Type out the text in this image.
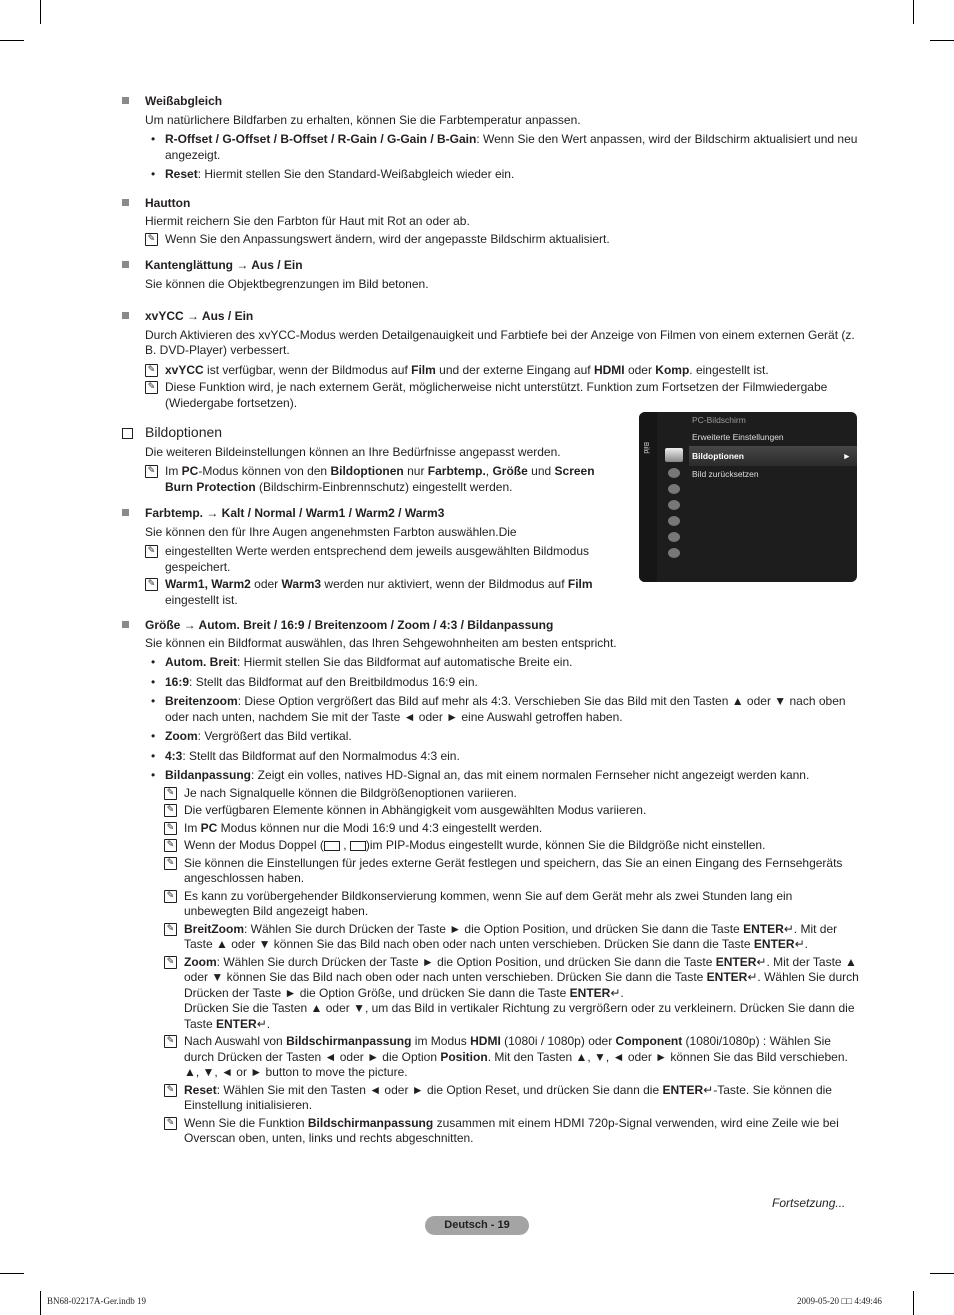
Weißabgleich
Um natürlichere Bildfarben zu erhalten, können Sie die Farbtemperatur anpassen.
• R-Offset / G-Offset / B-Offset / R-Gain / G-Gain / B-Gain: Wenn Sie den Wert anpassen, wird der Bildschirm aktualisiert und neu angezeigt.
• Reset: Hiermit stellen Sie den Standard-Weißabgleich wieder ein.
Hautton
Hiermit reichern Sie den Farbton für Haut mit Rot an oder ab.
✎ Wenn Sie den Anpassungswert ändern, wird der angepasste Bildschirm aktualisiert.
Kantenglättung → Aus / Ein
Sie können die Objektbegrenzungen im Bild betonen.
xvYCC → Aus / Ein
Durch Aktivieren des xvYCC-Modus werden Detailgenauigkeit und Farbtiefe bei der Anzeige von Filmen von einem externen Gerät (z. B. DVD-Player) verbessert.
✎ xvYCC ist verfügbar, wenn der Bildmodus auf Film und der externe Eingang auf HDMI oder Komp. eingestellt ist.
✎ Diese Funktion wird, je nach externem Gerät, möglicherweise nicht unterstützt. Funktion zum Fortsetzen der Filmwiedergabe (Wiedergabe fortsetzen).
Bildoptionen
Die weiteren Bildeinstellungen können an Ihre Bedürfnisse angepasst werden.
✎ Im PC-Modus können von den Bildoptionen nur Farbtemp., Größe und Screen Burn Protection (Bildschirm-Einbrennschutz) eingestellt werden.
Farbtemp. → Kalt / Normal / Warm1 / Warm2 / Warm3
Sie können den für Ihre Augen angenehmsten Farbton auswählen.Die
✎ eingestellten Werte werden entsprechend dem jeweils ausgewählten Bildmodus gespeichert.
✎ Warm1, Warm2 oder Warm3 werden nur aktiviert, wenn der Bildmodus auf Film eingestellt ist.
Größe → Autom. Breit / 16:9 / Breitenzoom / Zoom / 4:3 / Bildanpassung
Sie können ein Bildformat auswählen, das Ihren Sehgewohnheiten am besten entspricht.
• Autom. Breit: Hiermit stellen Sie das Bildformat auf automatische Breite ein.
• 16:9: Stellt das Bildformat auf den Breitbildmodus 16:9 ein.
• Breitenzoom: Diese Option vergrößert das Bild auf mehr als 4:3. Verschieben Sie das Bild mit den Tasten ▲ oder ▼ nach oben oder nach unten, nachdem Sie mit der Taste ◄ oder ► eine Auswahl getroffen haben.
• Zoom: Vergrößert das Bild vertikal.
• 4:3: Stellt das Bildformat auf den Normalmodus 4:3 ein.
• Bildanpassung: Zeigt ein volles, natives HD-Signal an, das mit einem normalen Fernseher nicht angezeigt werden kann.
✎ Je nach Signalquelle können die Bildgrößenoptionen variieren.
✎ Die verfügbaren Elemente können in Abhängigkeit vom ausgewählten Modus variieren.
✎ Im PC Modus können nur die Modi 16:9 und 4:3 eingestellt werden.
✎ Wenn der Modus Doppel ( , )im PIP-Modus eingestellt wurde, können Sie die Bildgröße nicht einstellen.
✎ Sie können die Einstellungen für jedes externe Gerät festlegen und speichern, das Sie an einen Eingang des Fernsehgeräts angeschlossen haben.
✎ Es kann zu vorübergehender Bildkonservierung kommen, wenn Sie auf dem Gerät mehr als zwei Stunden lang ein unbewegten Bild angezeigt haben.
✎ BreitZoom: Wählen Sie durch Drücken der Taste ► die Option Position, und drücken Sie dann die Taste ENTER↵. Mit der Taste ▲ oder ▼ können Sie das Bild nach oben oder nach unten verschieben. Drücken Sie dann die Taste ENTER↵.
✎ Zoom: Wählen Sie durch Drücken der Taste ► die Option Position, und drücken Sie dann die Taste ENTER↵. Mit der Taste ▲ oder ▼ können Sie das Bild nach oben oder nach unten verschieben. Drücken Sie dann die Taste ENTER↵. Wählen Sie durch Drücken der Taste ► die Option Größe, und drücken Sie dann die Taste ENTER↵.
Drücken Sie die Tasten ▲ oder ▼, um das Bild in vertikaler Richtung zu vergrößern oder zu verkleinern. Drücken Sie dann die Taste ENTER↵.
✎ Nach Auswahl von Bildschirmanpassung im Modus HDMI (1080i / 1080p) oder Component (1080i/1080p) : Wählen Sie durch Drücken der Tasten ◄ oder ► die Option Position. Mit den Tasten ▲, ▼, ◄ oder ► können Sie das Bild verschieben. ▲, ▼, ◄ or ► button to move the picture.
✎ Reset: Wählen Sie mit den Tasten ◄ oder ► die Option Reset, und drücken Sie dann die ENTER↵-Taste. Sie können die Einstellung initialisieren.
✎ Wenn Sie die Funktion Bildschirmanpassung zusammen mit einem HDMI 720p-Signal verwenden, wird eine Zeile wie bei Overscan oben, unten, links und rechts abgeschnitten.
Bild
PC-Bildschirm
Erweiterte Einstellungen
Bildoptionen	►
Bild zurücksetzen
Fortsetzung...
Deutsch - 19
BN68-02217A-Ger.indb 19	2009-05-20 □□ 4:49:46
